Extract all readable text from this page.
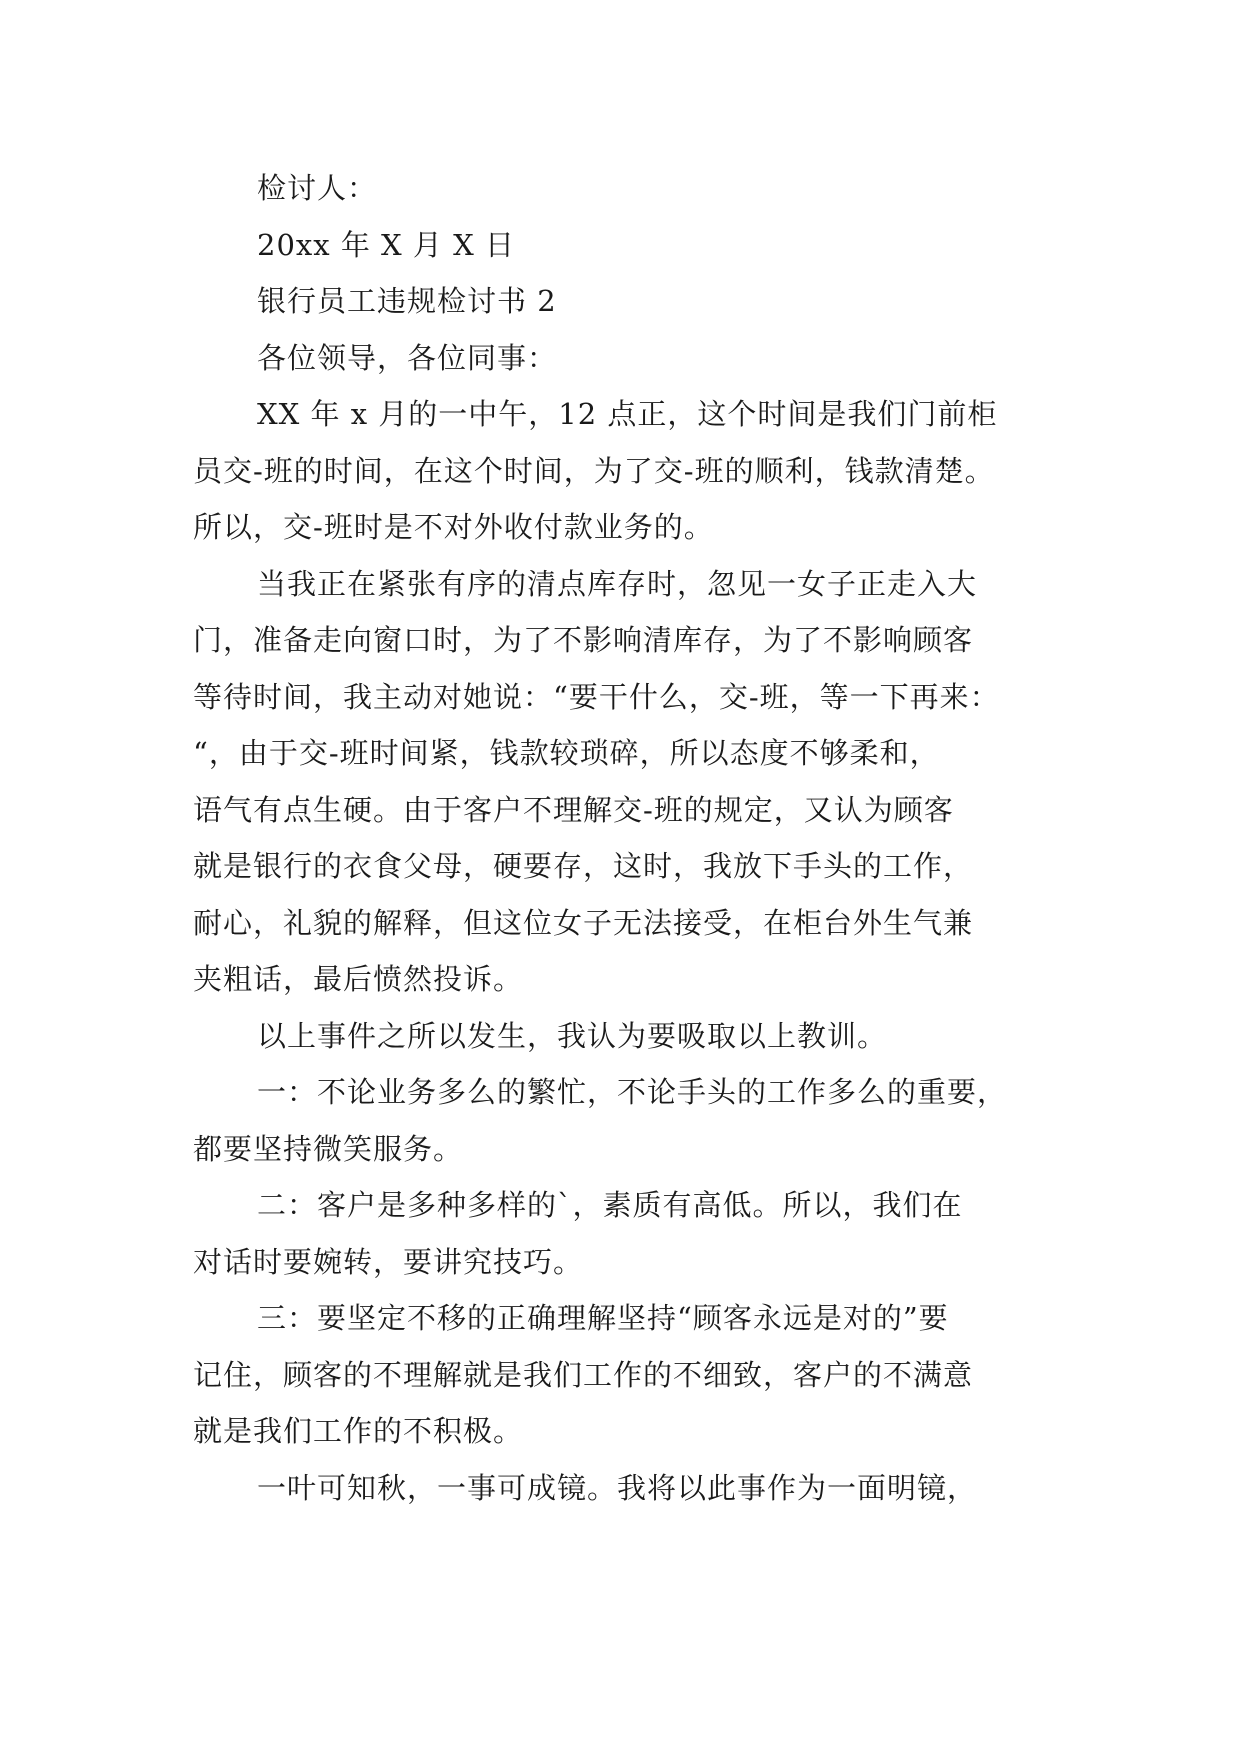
检讨人：
20xx 年 X 月 X 日
银行员工违规检讨书 2
各位领导，各位同事：
XX 年 x 月的一中午，12 点正，这个时间是我们门前柜
员交-班的时间，在这个时间，为了交-班的顺利，钱款清楚。
所以，交-班时是不对外收付款业务的。
当我正在紧张有序的清点库存时，忽见一女子正走入大
门，准备走向窗口时，为了不影响清库存，为了不影响顾客
等待时间，我主动对她说：“要干什么，交-班，等一下再来：
“，由于交-班时间紧，钱款较琐碎，所以态度不够柔和，
语气有点生硬。由于客户不理解交-班的规定，又认为顾客
就是银行的衣食父母，硬要存，这时，我放下手头的工作，
耐心，礼貌的解释，但这位女子无法接受，在柜台外生气兼
夹粗话，最后愤然投诉。
以上事件之所以发生，我认为要吸取以上教训。
一：不论业务多么的繁忙，不论手头的工作多么的重要，
都要坚持微笑服务。
二：客户是多种多样的`，素质有高低。所以，我们在
对话时要婉转，要讲究技巧。
三：要坚定不移的正确理解坚持“顾客永远是对的”要
记住，顾客的不理解就是我们工作的不细致，客户的不满意
就是我们工作的不积极。
一叶可知秋，一事可成镜。我将以此事作为一面明镜，
